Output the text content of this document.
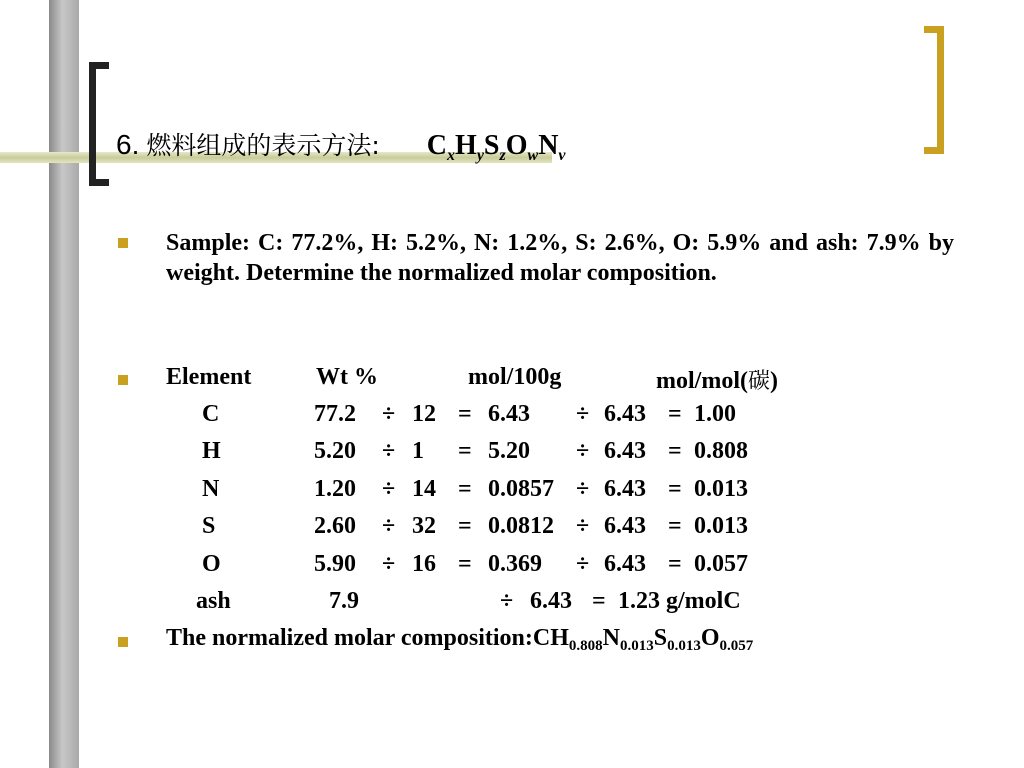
6. 燃料组成的表示方法: $C_xH_yS_zO_wN_v$
Sample: C: 77.2%, H: 5.2%, N: 1.2%, S: 2.6%, O: 5.9% and ash: 7.9% by weight. Determine the normalized molar composition.
Element	Wt %	mol/100g	mol/mol(碳)
C	77.2 ÷ 12 = 6.43 ÷ 6.43 = 1.00
H	5.20 ÷ 1 = 5.20 ÷ 6.43 = 0.808
N	1.20 ÷ 14 = 0.0857 ÷ 6.43 = 0.013
S	2.60 ÷ 32 = 0.0812 ÷ 6.43 = 0.013
O	5.90 ÷ 16 = 0.369 ÷ 6.43 = 0.057
ash	7.9	÷ 6.43 = 1.23 g/molC
The normalized molar $composition:CH_{0.808}N_{0.013}S_{0.013}O_{0.057}$
